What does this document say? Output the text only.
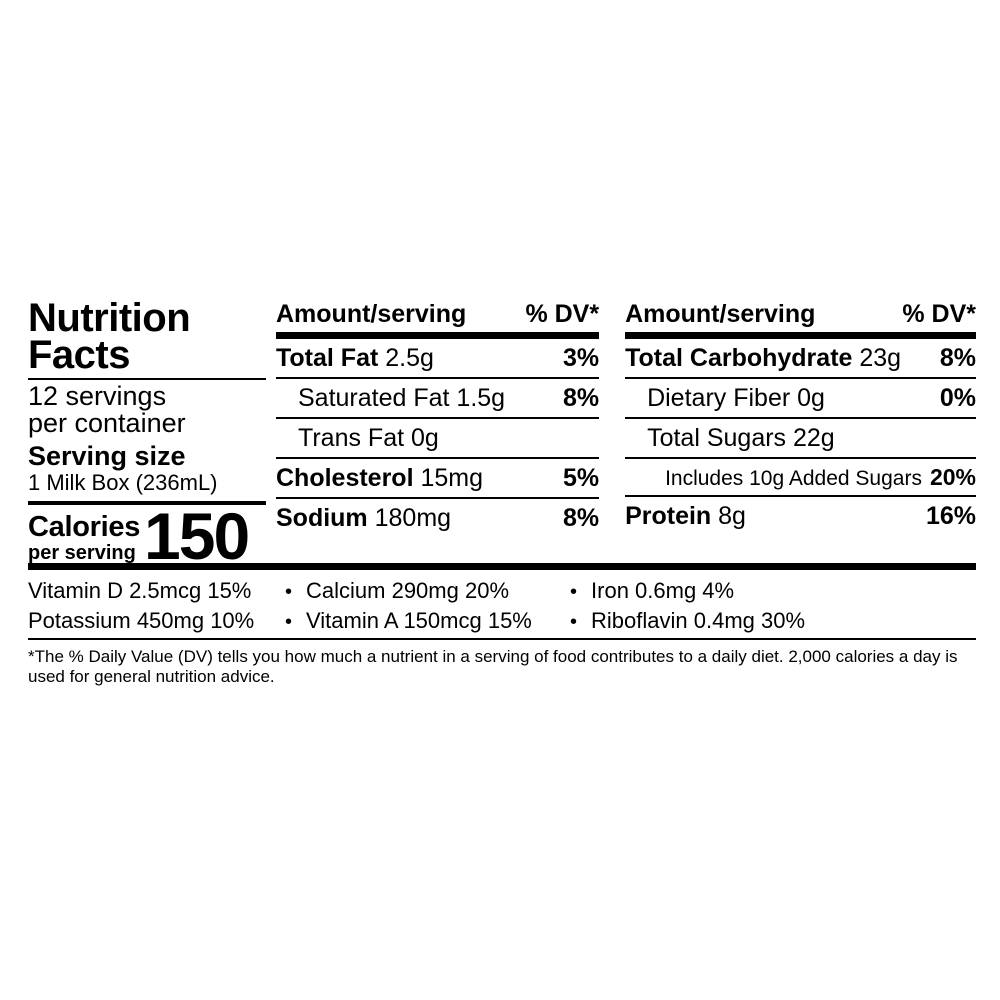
Nutrition
Facts
12 servings
per container
Serving size
1 Milk Box (236mL)
Calories
per serving 150
Amount/serving % DV*
Total Fat 2.5g	3%
Saturated Fat 1.5g	8%
Trans Fat 0g
Cholesterol 15mg	5%
Sodium 180mg	8%
Amount/serving	% DV*
Total Carbohydrate 23g	8%
Dietary Fiber 0g	0%
Total Sugars 22g
Includes 10g Added Sugars 20%
Protein 8g	16%
Vitamin D 2.5mcg 15%	• Calcium 290mg 20%	• Iron 0.6mg 4%
Potassium 450mg 10%	• Vitamin A 150mcg 15%	• Riboflavin 0.4mg 30%
*The % Daily Value (DV) tells you how much a nutrient in a serving of food contributes to a daily diet. 2,000 calories a day is used for general nutrition advice.
